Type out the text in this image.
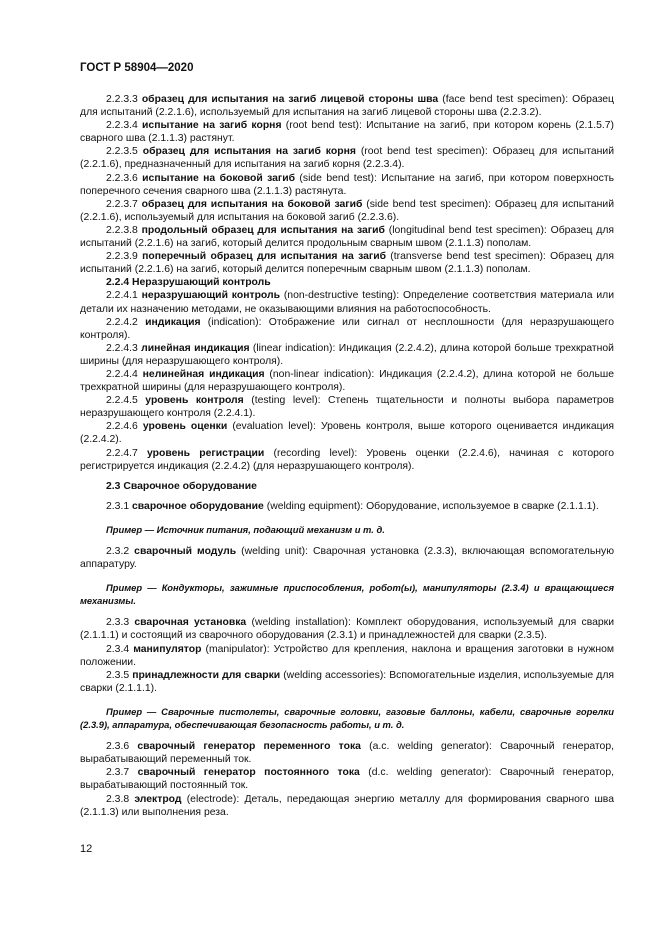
ГОСТ Р 58904—2020

2.2.3.3 образец для испытания на загиб лицевой стороны шва (face bend test specimen): Образец для испытаний (2.2.1.6), используемый для испытания на загиб лицевой стороны шва (2.2.3.2).

2.2.3.4 испытание на загиб корня (root bend test): Испытание на загиб, при котором корень (2.1.5.7) сварного шва (2.1.1.3) растянут.

2.2.3.5 образец для испытания на загиб корня (root bend test specimen): Образец для испытаний (2.2.1.6), предназначенный для испытания на загиб корня (2.2.3.4).

2.2.3.6 испытание на боковой загиб (side bend test): Испытание на загиб, при котором поверхность поперечного сечения сварного шва (2.1.1.3) растянута.

2.2.3.7 образец для испытания на боковой загиб (side bend test specimen): Образец для испытаний (2.2.1.6), используемый для испытания на боковой загиб (2.2.3.6).

2.2.3.8 продольный образец для испытания на загиб (longitudinal bend test specimen): Образец для испытаний (2.2.1.6) на загиб, который делится продольным сварным швом (2.1.1.3) пополам.

2.2.3.9 поперечный образец для испытания на загиб (transverse bend test specimen): Образец для испытаний (2.2.1.6) на загиб, который делится поперечным сварным швом (2.1.1.3) пополам.

2.2.4 Неразрушающий контроль

2.2.4.1 неразрушающий контроль (non-destructive testing): Определение соответствия материала или детали их назначению методами, не оказывающими влияния на работоспособность.

2.2.4.2 индикация (indication): Отображение или сигнал от несплошности (для неразрушающего контроля).

2.2.4.3 линейная индикация (linear indication): Индикация (2.2.4.2), длина которой больше трехкратной ширины (для неразрушающего контроля).

2.2.4.4 нелинейная индикация (non-linear indication): Индикация (2.2.4.2), длина которой не больше трехкратной ширины (для неразрушающего контроля).

2.2.4.5 уровень контроля (testing level): Степень тщательности и полноты выбора параметров неразрушающего контроля (2.2.4.1).

2.2.4.6 уровень оценки (evaluation level): Уровень контроля, выше которого оценивается индикация (2.2.4.2).

2.2.4.7 уровень регистрации (recording level): Уровень оценки (2.2.4.6), начиная с которого регистрируется индикация (2.2.4.2) (для неразрушающего контроля).

2.3 Сварочное оборудование

2.3.1 сварочное оборудование (welding equipment): Оборудование, используемое в сварке (2.1.1.1).

Пример — Источник питания, подающий механизм и т. д.

2.3.2 сварочный модуль (welding unit): Сварочная установка (2.3.3), включающая вспомогательную аппаратуру.

Пример — Кондукторы, зажимные приспособления, робот(ы), манипуляторы (2.3.4) и вращающиеся механизмы.

2.3.3 сварочная установка (welding installation): Комплект оборудования, используемый для сварки (2.1.1.1) и состоящий из сварочного оборудования (2.3.1) и принадлежностей для сварки (2.3.5).

2.3.4 манипулятор (manipulator): Устройство для крепления, наклона и вращения заготовки в нужном положении.

2.3.5 принадлежности для сварки (welding accessories): Вспомогательные изделия, используемые для сварки (2.1.1.1).

Пример — Сварочные пистолеты, сварочные головки, газовые баллоны, кабели, сварочные горелки (2.3.9), аппаратура, обеспечивающая безопасность работы, и т. д.

2.3.6 сварочный генератор переменного тока (a.c. welding generator): Сварочный генератор, вырабатывающий переменный ток.

2.3.7 сварочный генератор постоянного тока (d.c. welding generator): Сварочный генератор, вырабатывающий постоянный ток.

2.3.8 электрод (electrode): Деталь, передающая энергию металлу для формирования сварного шва (2.1.1.3) или выполнения реза.

12
